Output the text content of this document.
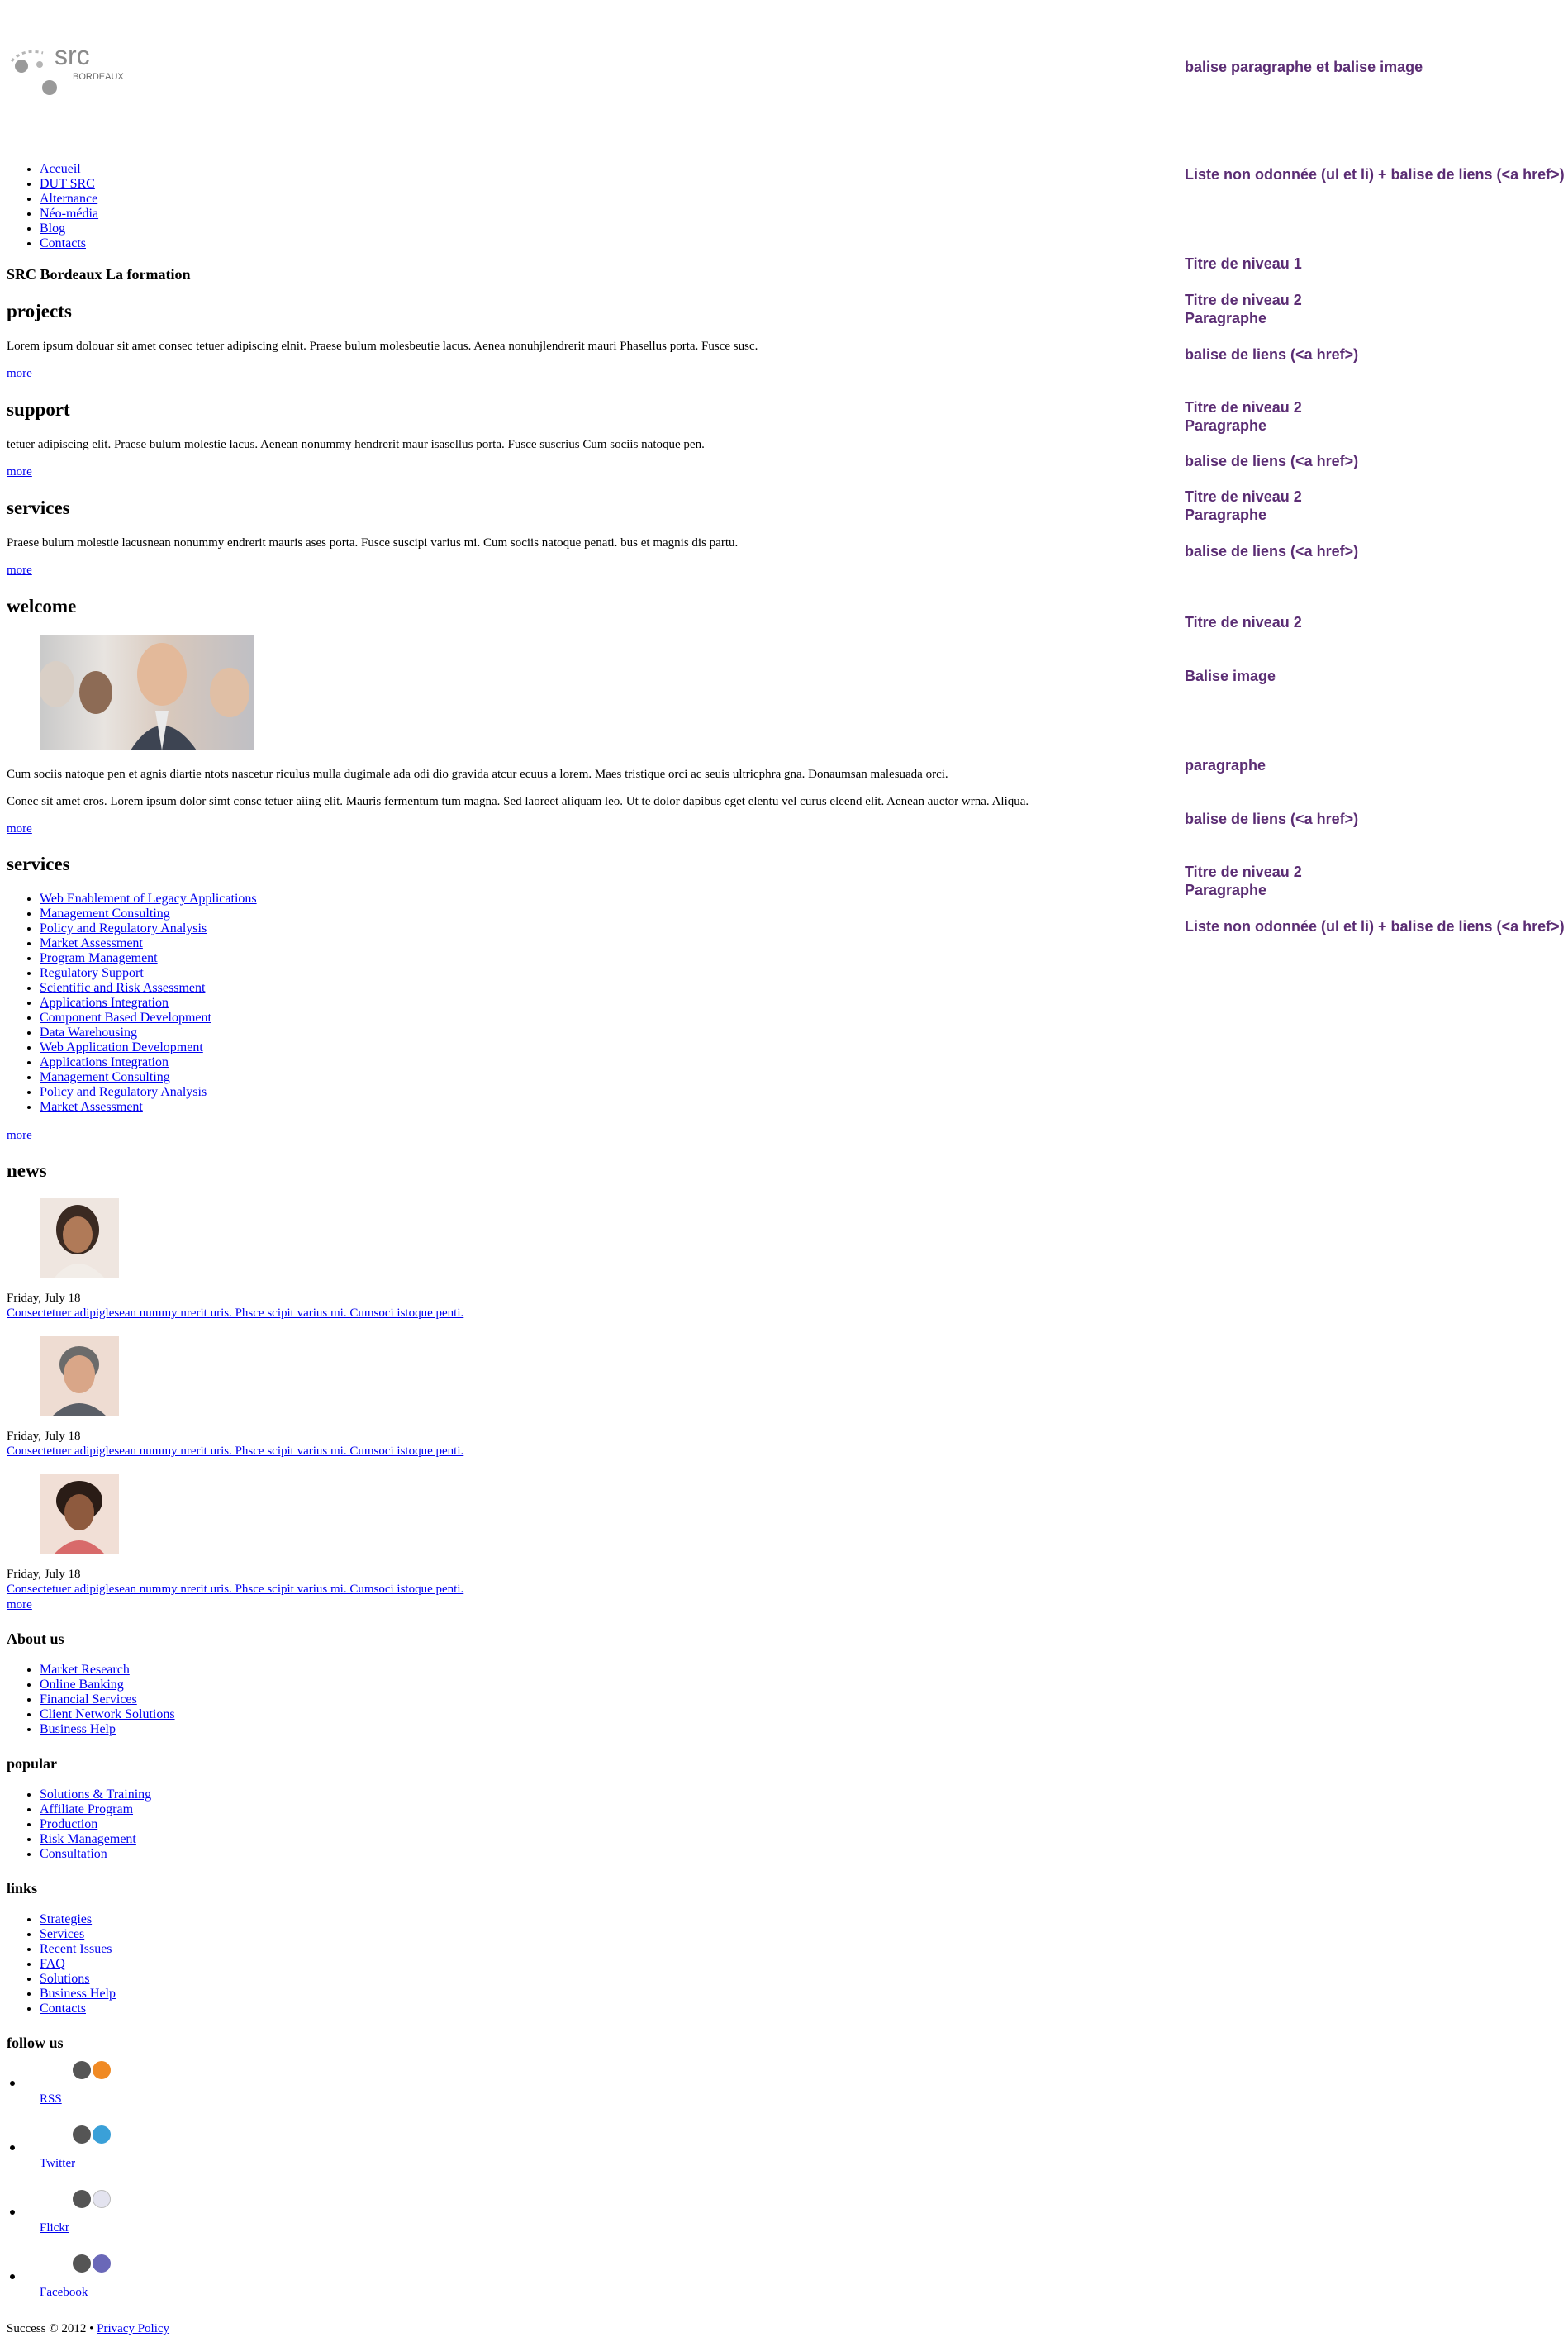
src
BORDEAUX
balise paragraphe et balise image
Liste non odonnée (ul et li) + balise de liens (<a href>)
Titre de niveau 1
Titre de niveau 2
Paragraphe
balise de liens (<a href>)
Titre de niveau 2
Paragraphe
balise de liens (<a href>)
Titre de niveau 2
Paragraphe
balise de liens (<a href>)
Titre de niveau 2
Balise image
paragraphe
balise de liens (<a href>)
Titre de niveau 2
Paragraphe
Liste non odonnée (ul et li) + balise de liens (<a href>)
• Accueil
• DUT SRC
• Alternance
• Néo-média
• Blog
• Contacts
SRC Bordeaux La formation
projects
Lorem ipsum dolouar sit amet consec tetuer adipiscing elnit. Praese bulum molesbeutie lacus. Aenea nonuhjlendrerit mauri Phasellus porta. Fusce susc.
more
support
tetuer adipiscing elit. Praese bulum molestie lacus. Aenean nonummy hendrerit maur isasellus porta. Fusce suscrius Cum sociis natoque pen.
more
services
Praese bulum molestie lacusnean nonummy endrerit mauris ases porta. Fusce suscipi varius mi. Cum sociis natoque penati. bus et magnis dis partu.
more
welcome
Cum sociis natoque pen et agnis diartie ntots nascetur riculus mulla dugimale ada odi dio gravida atcur ecuus a lorem. Maes tristique orci ac seuis ultricphra gna. Donaumsan malesuada orci.
Conec sit amet eros. Lorem ipsum dolor simt consc tetuer aiing elit. Mauris fermentum tum magna. Sed laoreet aliquam leo. Ut te dolor dapibus eget elentu vel curus eleend elit. Aenean auctor wrna. Aliqua.
more
services
• Web Enablement of Legacy Applications
• Management Consulting
• Policy and Regulatory Analysis
• Market Assessment
• Program Management
• Regulatory Support
• Scientific and Risk Assessment
• Applications Integration
• Component Based Development
• Data Warehousing
• Web Application Development
• Applications Integration
• Management Consulting
• Policy and Regulatory Analysis
• Market Assessment
more
news
Friday, July 18
Consectetuer adipiglesean nummy nrerit uris. Phsce scipit varius mi. Cumsoci istoque penti.
Friday, July 18
Consectetuer adipiglesean nummy nrerit uris. Phsce scipit varius mi. Cumsoci istoque penti.
Friday, July 18
Consectetuer adipiglesean nummy nrerit uris. Phsce scipit varius mi. Cumsoci istoque penti.
more
About us
• Market Research
• Online Banking
• Financial Services
• Client Network Solutions
• Business Help
popular
• Solutions & Training
• Affiliate Program
• Production
• Risk Management
• Consultation
links
• Strategies
• Services
• Recent Issues
• FAQ
• Solutions
• Business Help
• Contacts
follow us
RSS
Twitter
Flickr
Facebook
Success © 2012 • Privacy Policy
